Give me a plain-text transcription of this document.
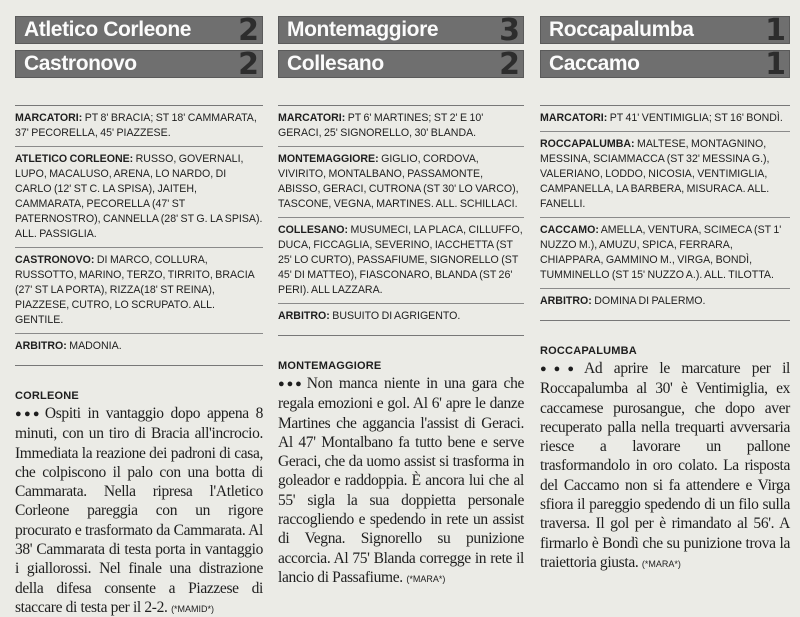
Atletico Corleone 2
Castronovo	2
MARCATORI: PT 8' BRACIA; ST 18' CAMMARATA, 37' PECORELLA, 45' PIAZZESE.
ATLETICO CORLEONE: RUSSO, GOVERNALI, LUPO, MACALUSO, ARENA, LO NARDO, DI CARLO (12' ST C. LA SPISA), JAITEH, CAMMARATA, PECORELLA (47' ST PATERNOSTRO), CANNELLA (28' ST G. LA SPISA). ALL. PASSIGLIA.
CASTRONOVO: DI MARCO, COLLURA, RUSSOTTO, MARINO, TERZO, TIRRITO, BRACIA (27' ST LA PORTA), RIZZA(18' ST REINA), PIAZZESE, CUTRO, LO SCRUPATO. ALL. GENTILE.
ARBITRO: MADONIA.
CORLEONE
●●● Ospiti in vantaggio dopo appena 8 minuti, con un tiro di Bracia all'incrocio. Immediata la reazione dei padroni di casa, che colpiscono il palo con una botta di Cammarata. Nella ripresa l'Atletico Corleone pareggia con un rigore procurato e trasformato da Cammarata. Al 38' Cammarata di testa porta in vantaggio i giallorossi. Nel finale una distrazione della difesa consente a Piazzese di staccare di testa per il 2-2. (*MAMID*)
Montemaggiore 3
Collesano	2
MARCATORI: PT 6' MARTINES; ST 2' E 10' GERACI, 25' SIGNORELLO, 30' BLANDA.
MONTEMAGGIORE: GIGLIO, CORDOVA, VIVIRITO, MONTALBANO, PASSAMONTE, ABISSO, GERACI, CUTRONA (ST 30' LO VARCO), TASCONE, VEGNA, MARTINES. ALL. SCHILLACI.
COLLESANO: MUSUMECI, LA PLACA, CILLUFFO, DUCA, FICCAGLIA, SEVERINO, IACCHETTA (ST 25' LO CURTO), PASSAFIUME, SIGNORELLO (ST 45' DI MATTEO), FIASCONARO, BLANDA (ST 26' PERI). ALL LAZZARA.
ARBITRO: BUSUITO DI AGRIGENTO.
MONTEMAGGIORE
●●● Non manca niente in una gara che regala emozioni e gol. Al 6' apre le danze Martines che aggancia l'assist di Geraci. Al 47' Montalbano fa tutto bene e serve Geraci, che da uomo assist si trasforma in goleador e raddoppia. È ancora lui che al 55' sigla la sua doppietta personale raccogliendo e spedendo in rete un assist di Vegna. Signorello su punizione accorcia. Al 75' Blanda corregge in rete il lancio di Passafiume. (*MARA*)
Roccapalumba 1
Caccamo	1
MARCATORI: PT 41' VENTIMIGLIA; ST 16' BONDÌ.
ROCCAPALUMBA: MALTESE, MONTAGNINO, MESSINA, SCIAMMACCA (ST 32' MESSINA G.), VALERIANO, LODDO, NICOSIA, VENTIMIGLIA, CAMPANELLA, LA BARBERA, MISURACA. ALL. FANELLI.
CACCAMO: AMELLA, VENTURA, SCIMECA (ST 1' NUZZO M.), AMUZU, SPICA, FERRARA, CHIAPPARA, GAMMINO M., VIRGA, BONDÌ, TUMMINELLO (ST 15' NUZZO A.). ALL. TILOTTA.
ARBITRO: DOMINA DI PALERMO.
ROCCAPALUMBA
●●● Ad aprire le marcature per il Roccapalumba al 30' è Ventimiglia, ex caccamese purosangue, che dopo aver recuperato palla nella trequarti avversaria riesce a lavorare un pallone trasformandolo in oro colato. La risposta del Caccamo non si fa attendere e Virga sfiora il pareggio spedendo di un filo sulla traversa. Il gol per è rimandato al 56'. A firmarlo è Bondì che su punizione trova la traiettoria giusta. (*MARA*)
